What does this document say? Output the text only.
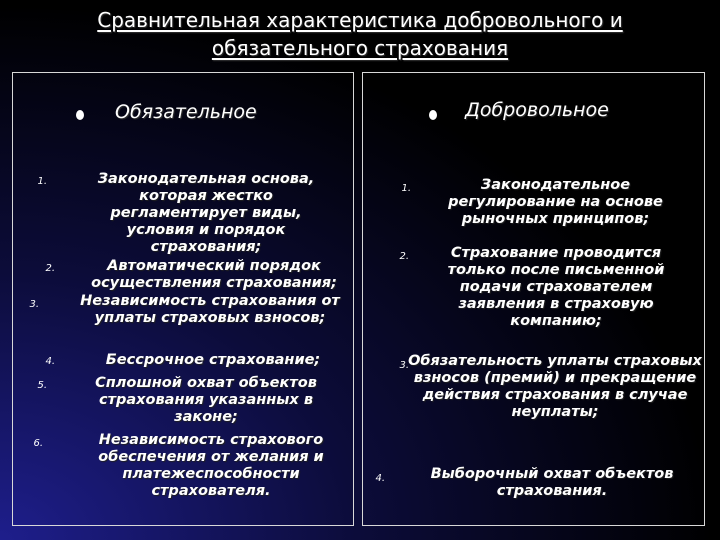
Сравнительная характеристика добровольного и
обязательного страхования
Обязательное
1.	Законодательная основа, которая жестко регламентирует виды, условия и порядок страхования;
2.	Автоматический порядок осуществления страхования;
3.	Независимость страхования от уплаты страховых взносов;
4.	Бессрочное страхование;
5.	Сплошной охват объектов страхования указанных в законе;
6.	Независимость страхового обеспечения от желания и платежеспособности страхователя.
Добровольное
1.	Законодательное регулирование на основе рыночных принципов;
2.	Страхование проводится только после письменной подачи страхователем заявления в страховую компанию;
3. Обязательность уплаты страховых взносов (премий) и прекращение действия страхования в случае неуплаты;
4.	Выборочный охват объектов страхования.
